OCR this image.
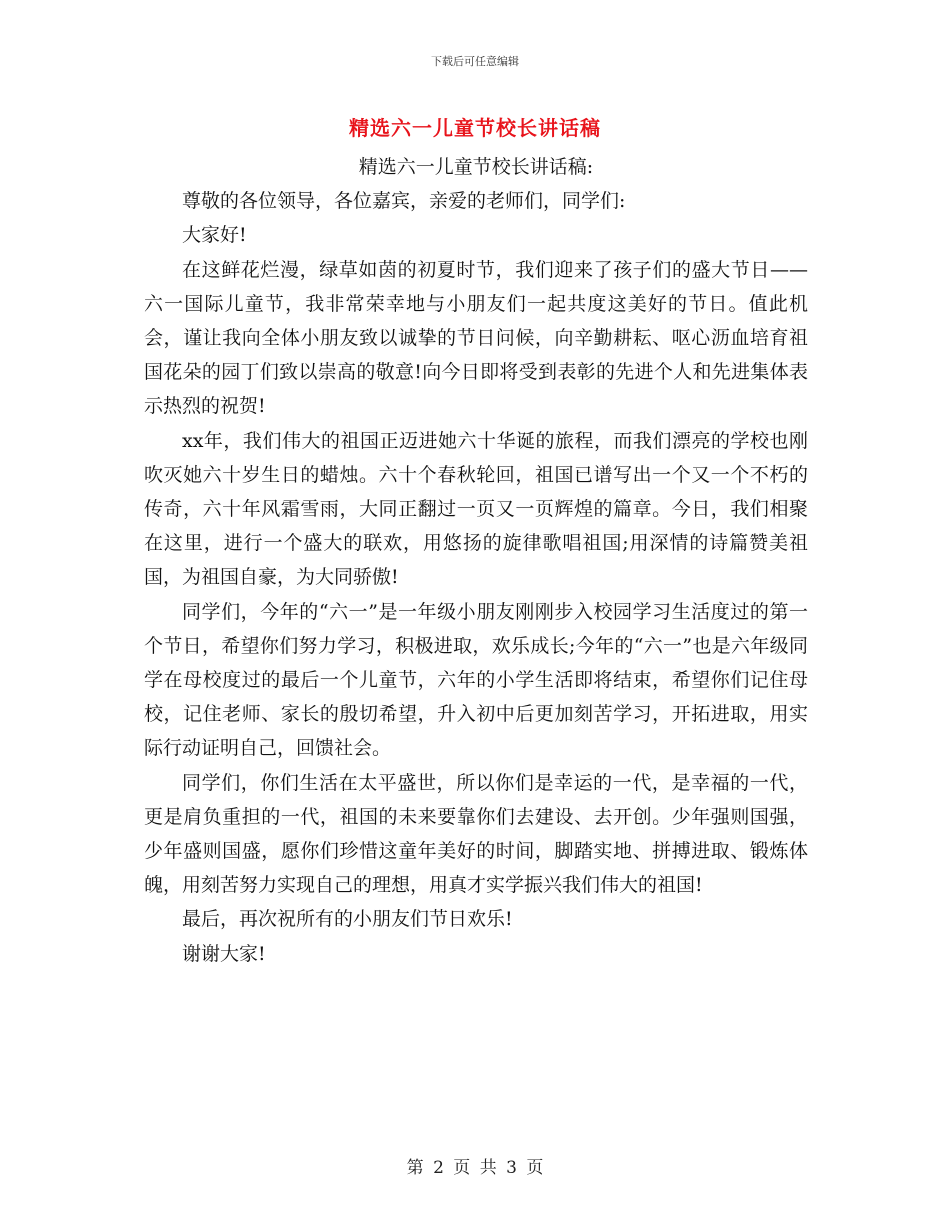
下载后可任意编辑
精选六一儿童节校长讲话稿

精选六一儿童节校长讲话稿:

尊敬的各位领导，各位嘉宾，亲爱的老师们，同学们:

大家好!

在这鲜花烂漫，绿草如茵的初夏时节，我们迎来了孩子们的盛大节日——六一国际儿童节，我非常荣幸地与小朋友们一起共度这美好的节日。值此机会，谨让我向全体小朋友致以诚挚的节日问候，向辛勤耕耘、呕心沥血培育祖国花朵的园丁们致以崇高的敬意!向今日即将受到表彰的先进个人和先进集体表示热烈的祝贺!

xx年，我们伟大的祖国正迈进她六十华诞的旅程，而我们漂亮的学校也刚吹灭她六十岁生日的蜡烛。六十个春秋轮回，祖国已谱写出一个又一个不朽的传奇，六十年风霜雪雨，大同正翻过一页又一页辉煌的篇章。今日，我们相聚在这里，进行一个盛大的联欢，用悠扬的旋律歌唱祖国;用深情的诗篇赞美祖国，为祖国自豪，为大同骄傲!

同学们，今年的“六一”是一年级小朋友刚刚步入校园学习生活度过的第一个节日，希望你们努力学习，积极进取，欢乐成长;今年的“六一”也是六年级同学在母校度过的最后一个儿童节，六年的小学生活即将结束，希望你们记住母校，记住老师、家长的殷切希望，升入初中后更加刻苦学习，开拓进取，用实际行动证明自己，回馈社会。

同学们，你们生活在太平盛世，所以你们是幸运的一代，是幸福的一代，更是肩负重担的一代，祖国的未来要靠你们去建设、去开创。少年强则国强，少年盛则国盛，愿你们珍惜这童年美好的时间，脚踏实地、拼搏进取、锻炼体魄，用刻苦努力实现自己的理想，用真才实学振兴我们伟大的祖国!

最后，再次祝所有的小朋友们节日欢乐!

谢谢大家!

第 2 页 共 3 页
